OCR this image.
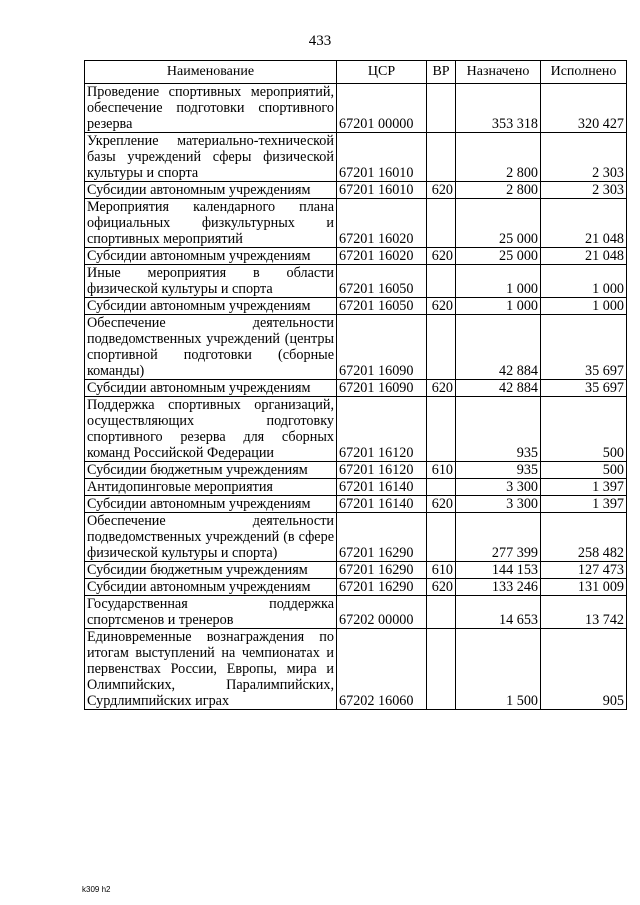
433
Наименование	ЦСР	ВР	Назначено	Исполнено
Проведение спортивных мероприятий, обеспечение подготовки спортивного резерва	67201 00000		353 318	320 427
Укрепление материально-технической базы учреждений сферы физической культуры и спорта	67201 16010		2 800	2 303
Субсидии автономным учреждениям	67201 16010	620	2 800	2 303
Мероприятия календарного плана официальных физкультурных и спортивных мероприятий	67201 16020		25 000	21 048
Субсидии автономным учреждениям	67201 16020	620	25 000	21 048
Иные мероприятия в области физической культуры и спорта	67201 16050		1 000	1 000
Субсидии автономным учреждениям	67201 16050	620	1 000	1 000
Обеспечение деятельности подведомственных учреждений (центры спортивной подготовки (сборные команды)	67201 16090		42 884	35 697
Субсидии автономным учреждениям	67201 16090	620	42 884	35 697
Поддержка спортивных организаций, осуществляющих подготовку спортивного резерва для сборных команд Российской Федерации	67201 16120		935	500
Субсидии бюджетным учреждениям	67201 16120	610	935	500
Антидопинговые мероприятия	67201 16140		3 300	1 397
Субсидии автономным учреждениям	67201 16140	620	3 300	1 397
Обеспечение деятельности подведомственных учреждений (в сфере физической культуры и спорта)	67201 16290		277 399	258 482
Субсидии бюджетным учреждениям	67201 16290	610	144 153	127 473
Субсидии автономным учреждениям	67201 16290	620	133 246	131 009
Государственная поддержка спортсменов и тренеров	67202 00000		14 653	13 742
Единовременные вознаграждения по итогам выступлений на чемпионатах и первенствах России, Европы, мира и Олимпийских, Паралимпийских, Сурдлимпийских играх	67202 16060		1 500	905
k309 h2
